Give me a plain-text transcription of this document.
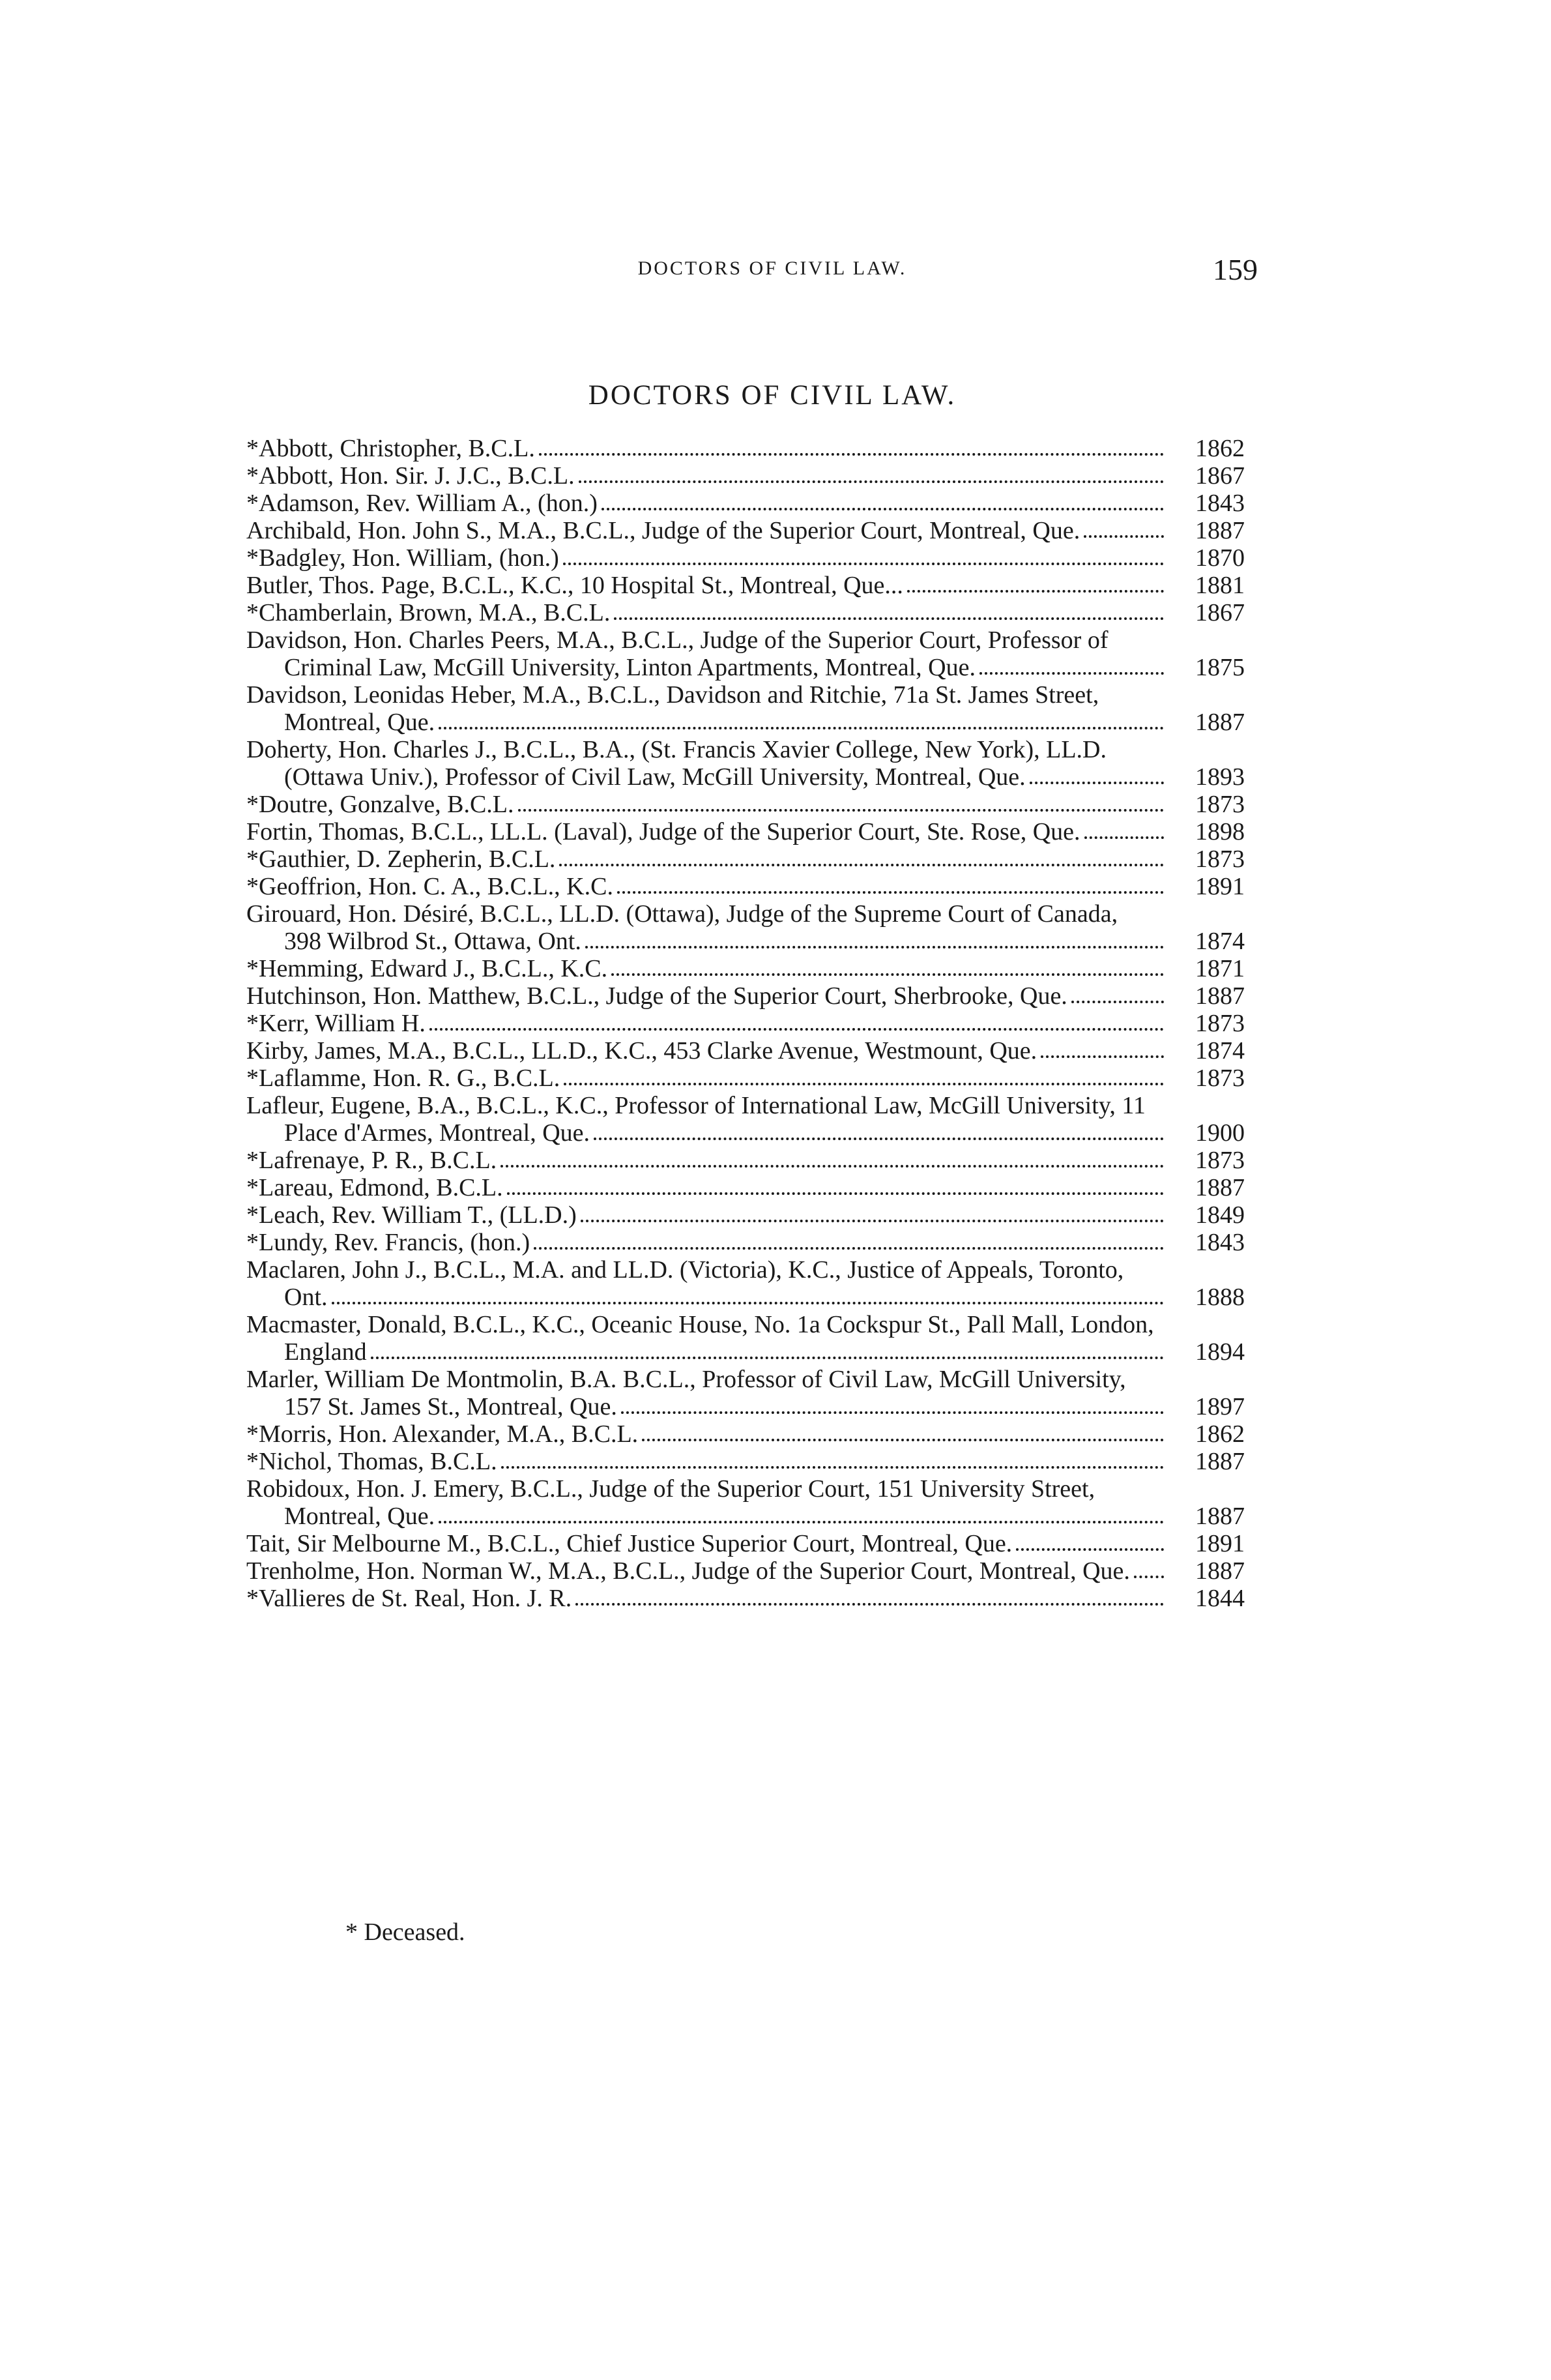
DOCTORS OF CIVIL LAW.	159
DOCTORS OF CIVIL LAW.
*Abbott, Christopher, B.C.L.	1862
*Abbott, Hon. Sir. J. J.C., B.C.L.	1867
*Adamson, Rev. William A., (hon.)	1843
Archibald, Hon. John S., M.A., B.C.L., Judge of the Superior Court, Montreal, Que.	1887
*Badgley, Hon. William, (hon.)	1870
Butler, Thos. Page, B.C.L., K.C., 10 Hospital St., Montreal, Que...	1881
*Chamberlain, Brown, M.A., B.C.L.	1867
Davidson, Hon. Charles Peers, M.A., B.C.L., Judge of the Superior Court, Professor of Criminal Law, McGill University, Linton Apartments, Montreal, Que.	1875
Davidson, Leonidas Heber, M.A., B.C.L., Davidson and Ritchie, 71a St. James Street, Montreal, Que.	1887
Doherty, Hon. Charles J., B.C.L., B.A., (St. Francis Xavier College, New York), LL.D. (Ottawa Univ.), Professor of Civil Law, McGill University, Montreal, Que.	1893
*Doutre, Gonzalve, B.C.L.	1873
Fortin, Thomas, B.C.L., LL.L. (Laval), Judge of the Superior Court, Ste. Rose, Que.	1898
*Gauthier, D. Zepherin, B.C.L.	1873
*Geoffrion, Hon. C. A., B.C.L., K.C.	1891
Girouard, Hon. Désiré, B.C.L., LL.D. (Ottawa), Judge of the Supreme Court of Canada, 398 Wilbrod St., Ottawa, Ont.	1874
*Hemming, Edward J., B.C.L., K.C.	1871
Hutchinson, Hon. Matthew, B.C.L., Judge of the Superior Court, Sherbrooke, Que.	1887
*Kerr, William H.	1873
Kirby, James, M.A., B.C.L., LL.D., K.C., 453 Clarke Avenue, Westmount, Que.	1874
*Laflamme, Hon. R. G., B.C.L.	1873
Lafleur, Eugene, B.A., B.C.L., K.C., Professor of International Law, McGill University, 11 Place d'Armes, Montreal, Que.	1900
*Lafrenaye, P. R., B.C.L.	1873
*Lareau, Edmond, B.C.L.	1887
*Leach, Rev. William T., (LL.D.)	1849
*Lundy, Rev. Francis, (hon.)	1843
Maclaren, John J., B.C.L., M.A. and LL.D. (Victoria), K.C., Justice of Appeals, Toronto, Ont.	1888
Macmaster, Donald, B.C.L., K.C., Oceanic House, No. 1a Cockspur St., Pall Mall, London, England	1894
Marler, William De Montmolin, B.A. B.C.L., Professor of Civil Law, McGill University, 157 St. James St., Montreal, Que.	1897
*Morris, Hon. Alexander, M.A., B.C.L.	1862
*Nichol, Thomas, B.C.L.	1887
Robidoux, Hon. J. Emery, B.C.L., Judge of the Superior Court, 151 University Street, Montreal, Que.	1887
Tait, Sir Melbourne M., B.C.L., Chief Justice Superior Court, Montreal, Que.	1891
Trenholme, Hon. Norman W., M.A., B.C.L., Judge of the Superior Court, Montreal, Que.	1887
*Vallieres de St. Real, Hon. J. R.	1844
* Deceased.
